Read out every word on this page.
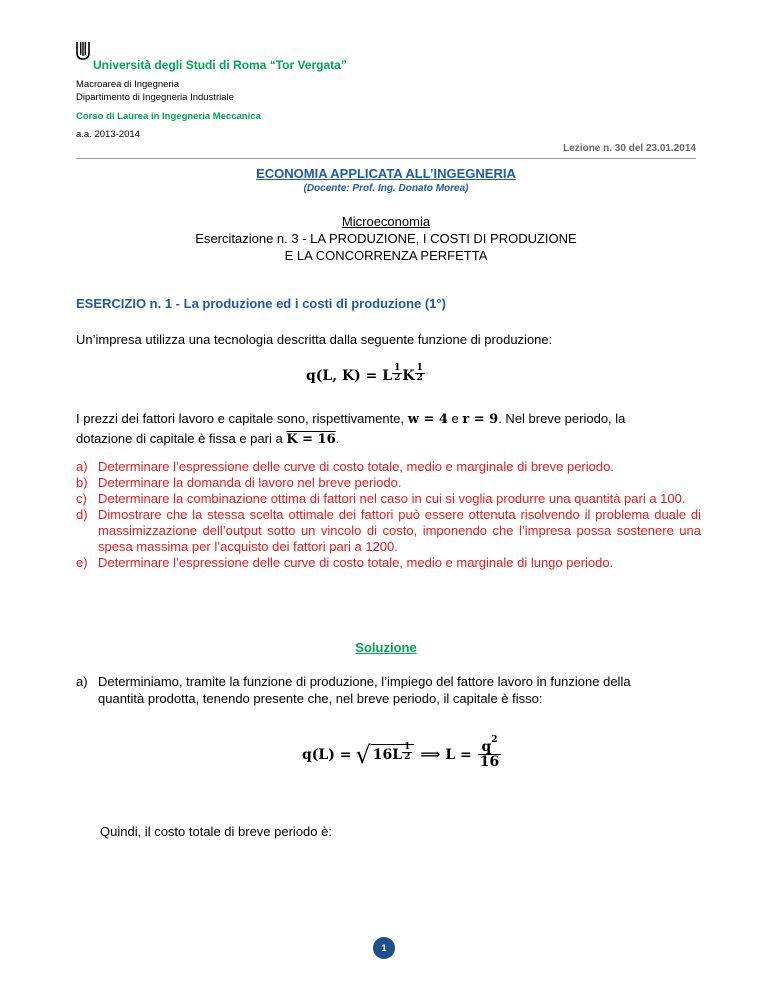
Università degli Studi di Roma “Tor Vergata”
Macroarea di Ingegneria
Dipartimento di Ingegneria Industriale
Corso di Laurea in Ingegneria Meccanica
a.a. 2013-2014
Lezione n. 30 del 23.01.2014
ECONOMIA APPLICATA ALL’INGEGNERIA
(Docente: Prof. Ing. Donato Morea)
Microeconomia
Esercitazione n. 3 - LA PRODUZIONE, I COSTI DI PRODUZIONE
E LA CONCORRENZA PERFETTA
ESERCIZIO n. 1 - La produzione ed i costi di produzione (1°)
Un’impresa utilizza una tecnologia descritta dalla seguente funzione di produzione:
q(L, K) = L $^{\frac{1}{2}}$ K $^{\frac{1}{2}}$
I prezzi dei fattori lavoro e capitale sono, rispettivamente, w = 4 e r = 9. Nel breve periodo, la
dotazione di capitale è fissa e pari a K = 16.

a) Determinare l’espressione delle curve di costo totale, medio e marginale di breve periodo.

b) Determinare la domanda di lavoro nel breve periodo.

c) Determinare la combinazione ottima di fattori nel caso in cui si voglia produrre una quantità pari a 100.

d) Dimostrare che la stessa scelta ottimale dei fattori può essere ottenuta risolvendo il problema duale di massimizzazione dell’output sotto un vincolo di costo, imponendo che l’impresa possa sostenere una spesa massima per l’acquisto dei fattori pari a 1200.

e) Determinare l’espressione delle curve di costo totale, medio e marginale di lungo periodo.

Soluzione
a) Determiniamo, tramite la funzione di produzione, l’impiego del fattore lavoro in funzione della
quantità prodotta, tenendo presente che, nel breve periodo, il capitale è fisso:
q(L) = √ 16L $^{\frac{1}{2}}$ ⟹ $L = \frac{q^2}{16}$
Quindi, il costo totale di breve periodo è:
1
